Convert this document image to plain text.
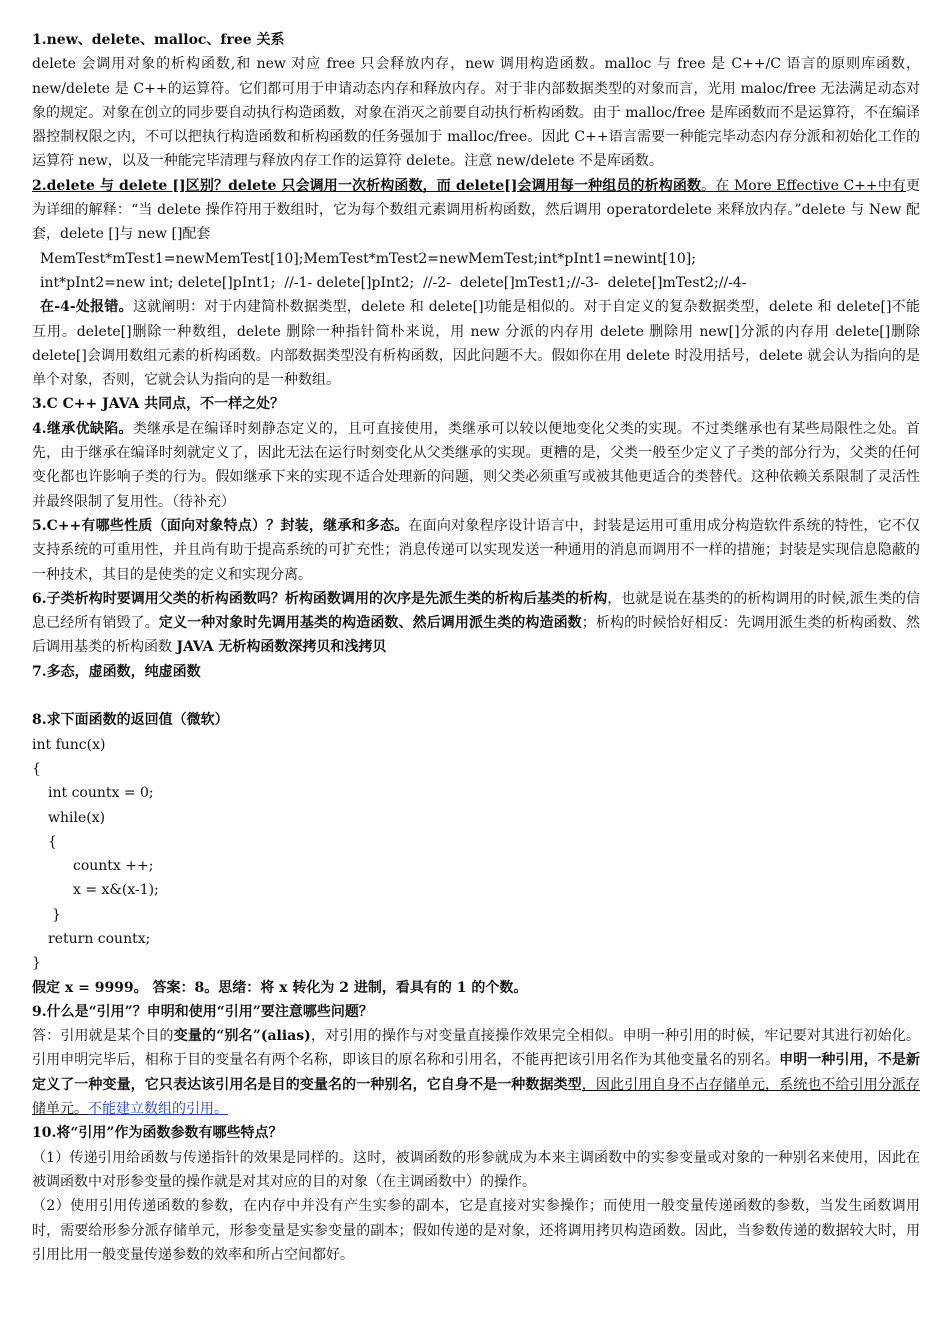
1.new、delete、malloc、free 关系

delete 会调用对象的析构函数,和 new 对应 free 只会释放内存，new 调用构造函数。malloc 与 free 是 C++/C 语言的原则库函数，new/delete 是 C++的运算符。它们都可用于申请动态内存和释放内存。对于非内部数据类型的对象而言，光用 maloc/free 无法满足动态对象的规定。对象在创立的同步要自动执行构造函数，对象在消灭之前要自动执行析构函数。由于 malloc/free 是库函数而不是运算符，不在编译器控制权限之内，不可以把执行构造函数和析构函数的任务强加于 malloc/free。因此 C++语言需要一种能完毕动态内存分派和初始化工作的运算符 new，以及一种能完毕清理与释放内存工作的运算符 delete。注意 new/delete 不是库函数。

2.delete 与 delete []区别？delete 只会调用一次析构函数，而 delete[]会调用每一种组员的析构函数。在 More Effective C++中有更为详细的解释：“当 delete 操作符用于数组时，它为每个数组元素调用析构函数，然后调用 operatordelete 来释放内存。”delete 与 New 配套，delete []与 new []配套

MemTest*mTest1=newMemTest[10];MemTest*mTest2=newMemTest;int*pInt1=newint[10];

int*pInt2=new int; delete[]pInt1;  //-1- delete[]pInt2;  //-2-  delete[]mTest1;//-3-  delete[]mTest2;//-4-

在-4-处报错。这就阐明：对于内建简朴数据类型，delete 和 delete[]功能是相似的。对于自定义的复杂数据类型，delete 和 delete[]不能互用。delete[]删除一种数组，delete 删除一种指针简朴来说，用 new 分派的内存用 delete 删除用 new[]分派的内存用 delete[]删除 delete[]会调用数组元素的析构函数。内部数据类型没有析构函数，因此问题不大。假如你在用 delete 时没用括号，delete 就会认为指向的是单个对象，否则，它就会认为指向的是一种数组。

3.C C++ JAVA 共同点，不一样之处？

4.继承优缺陷。类继承是在编译时刻静态定义的，且可直接使用，类继承可以较以便地变化父类的实现。不过类继承也有某些局限性之处。首先，由于继承在编译时刻就定义了，因此无法在运行时刻变化从父类继承的实现。更糟的是，父类一般至少定义了子类的部分行为，父类的任何变化都也许影响子类的行为。假如继承下来的实现不适合处理新的问题，则父类必须重写或被其他更适合的类替代。这种依赖关系限制了灵活性并最终限制了复用性。（待补充）

5.C++有哪些性质（面向对象特点）？封装，继承和多态。在面向对象程序设计语言中，封装是运用可重用成分构造软件系统的特性，它不仅支持系统的可重用性，并且尚有助于提高系统的可扩充性；消息传递可以实现发送一种通用的消息而调用不一样的措施；封装是实现信息隐蔽的一种技术，其目的是使类的定义和实现分离。

6.子类析构时要调用父类的析构函数吗？析构函数调用的次序是先派生类的析构后基类的析构，也就是说在基类的的析构调用的时候,派生类的信息已经所有销毁了。定义一种对象时先调用基类的构造函数、然后调用派生类的构造函数；析构的时候恰好相反：先调用派生类的析构函数、然后调用基类的析构函数 JAVA 无析构函数深拷贝和浅拷贝

7.多态，虚函数，纯虚函数

8.求下面函数的返回值（微软）

int func(x)

{

int countx = 0;

while(x)

{

countx ++;

x = x&(x-1);

}

return countx;

}

假定 x = 9999。 答案：8。思绪：将 x 转化为 2 进制，看具有的 1 的个数。

9.什么是“引用”？申明和使用“引用”要注意哪些问题？

答：引用就是某个目的变量的“别名”(alias)，对引用的操作与对变量直接操作效果完全相似。申明一种引用的时候，牢记要对其进行初始化。引用申明完毕后，相称于目的变量名有两个名称，即该目的原名称和引用名，不能再把该引用名作为其他变量名的别名。申明一种引用，不是新定义了一种变量，它只表达该引用名是目的变量名的一种别名，它自身不是一种数据类型，因此引用自身不占存储单元，系统也不给引用分派存储单元。不能建立数组的引用。

10.将“引用”作为函数参数有哪些特点？

（1）传递引用给函数与传递指针的效果是同样的。这时，被调函数的形参就成为本来主调函数中的实参变量或对象的一种别名来使用，因此在被调函数中对形参变量的操作就是对其对应的目的对象（在主调函数中）的操作。

（2）使用引用传递函数的参数，在内存中并没有产生实参的副本，它是直接对实参操作；而使用一般变量传递函数的参数，当发生函数调用时，需要给形参分派存储单元，形参变量是实参变量的副本；假如传递的是对象，还将调用拷贝构造函数。因此，当参数传递的数据较大时，用引用比用一般变量传递参数的效率和所占空间都好。
